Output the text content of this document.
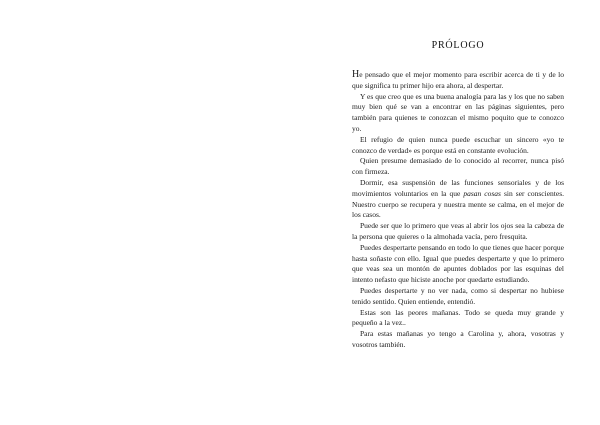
PRÓLOGO

He pensado que el mejor momento para escribir acerca de ti y de lo que significa tu primer hijo era ahora, al despertar.

Y es que creo que es una buena analogía para las y los que no saben muy bien qué se van a encontrar en las páginas siguientes, pero también para quienes te conozcan el mismo poquito que te conozco yo.

El refugio de quien nunca puede escuchar un sincero «yo te conozco de verdad» es porque está en constante evolución.

Quien presume demasiado de lo conocido al recorrer, nunca pisó con firmeza.

Dormir, esa suspensión de las funciones sensoriales y de los movimientos voluntarios en la que pasan cosas sin ser conscientes. Nuestro cuerpo se recupera y nuestra mente se calma, en el mejor de los casos.

Puede ser que lo primero que veas al abrir los ojos sea la cabeza de la persona que quieres o la almohada vacía, pero fresquita.

Puedes despertarte pensando en todo lo que tienes que hacer porque hasta soñaste con ello. Igual que puedes despertarte y que lo primero que veas sea un montón de apuntes doblados por las esquinas del intento nefasto que hiciste anoche por quedarte estudiando.

Puedes despertarte y no ver nada, como si despertar no hubiese tenido sentido. Quien entiende, entendió.

Estas son las peores mañanas. Todo se queda muy grande y pequeño a la vez..

Para estas mañanas yo tengo a Carolina y, ahora, vosotras y vosotros también.
